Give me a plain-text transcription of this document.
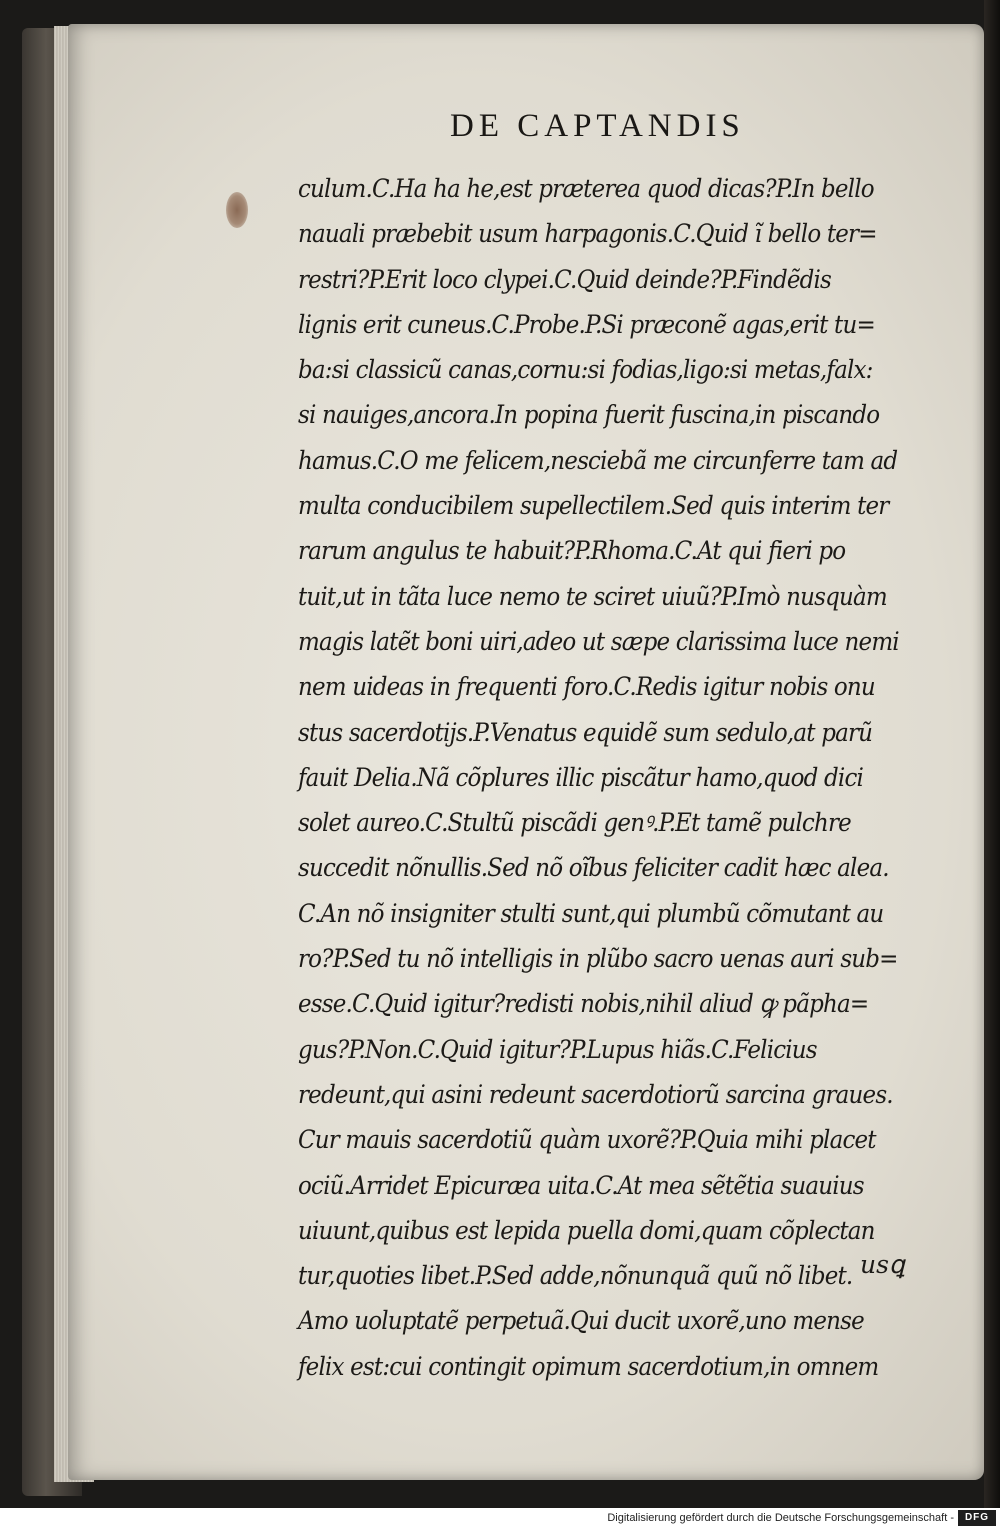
DE CAPTANDIS
culum.C.Ha ha he,est prætereа quod dicas?P.In bello
nauali præbebit usum harpagonis.C.Quid ĩ bello ter=
restri?P.Erit loco clypei.C.Quid deinde?P.Findẽdis
lignis erit cuneus.C.Probe.P.Si præconẽ agas,erit tu=
ba:si classicũ canas,cornu:si fodias,ligo:si metas,falx:
si nauiges,ancora.In popina fuerit fuscina,in piscando
hamus.C.O me felicem,nesciebã me circunferre tam ad
multa conducibilem supellectilem.Sed quis interim ter
rarum angulus te habuit?P.Rhoma.C.At qui fieri po
tuit,ut in tãta luce nemo te sciret uiuũ?P.Imò nusquàm
magis latẽt boni uiri,adeo ut sæpe clarissima luce nemi
nem uideas in frequenti foro.C.Redis igitur nobis onu
stus sacerdotijs.P.Venatus equidẽ sum sedulo,at parũ
fauit Delia.Nã cõplures illic piscãtur hamo,quod dici
solet aureo.C.Stultũ piscãdi genꝰ.P.Et tamẽ pulchre
succedit nõnullis.Sed nõ oĩbus feliciter cadit hæc alea.
C.An nõ insigniter stulti sunt,qui plumbũ cõmutant au
ro?P.Sed tu nõ intelligis in plũbo sacro uenas auri sub=
esse.C.Quid igitur?redisti nobis,nihil aliud ꝙ pãpha=
gus?P.Non.C.Quid igitur?P.Lupus hiãs.C.Felicius
redeunt,qui asini redeunt sacerdotiorũ sarcina graues.
Cur mauis sacerdotiũ quàm uxorẽ?P.Quia mihi placet
ociũ.Arridet Epicuræa uita.C.At mea sẽtẽtia suauius
uiuunt,quibus est lepida puella domi,quam cõplectan
tur,quoties libet.P.Sed adde,nõnunquã quũ nõ libet.
Amo uoluptatẽ perpetuã.Qui ducit uxorẽ,uno mense
felix est:cui contingit opimum sacerdotium,in omnem
usꝗ
Digitalisierung gefördert durch die Deutsche Forschungsgemeinschaft -	DFG
